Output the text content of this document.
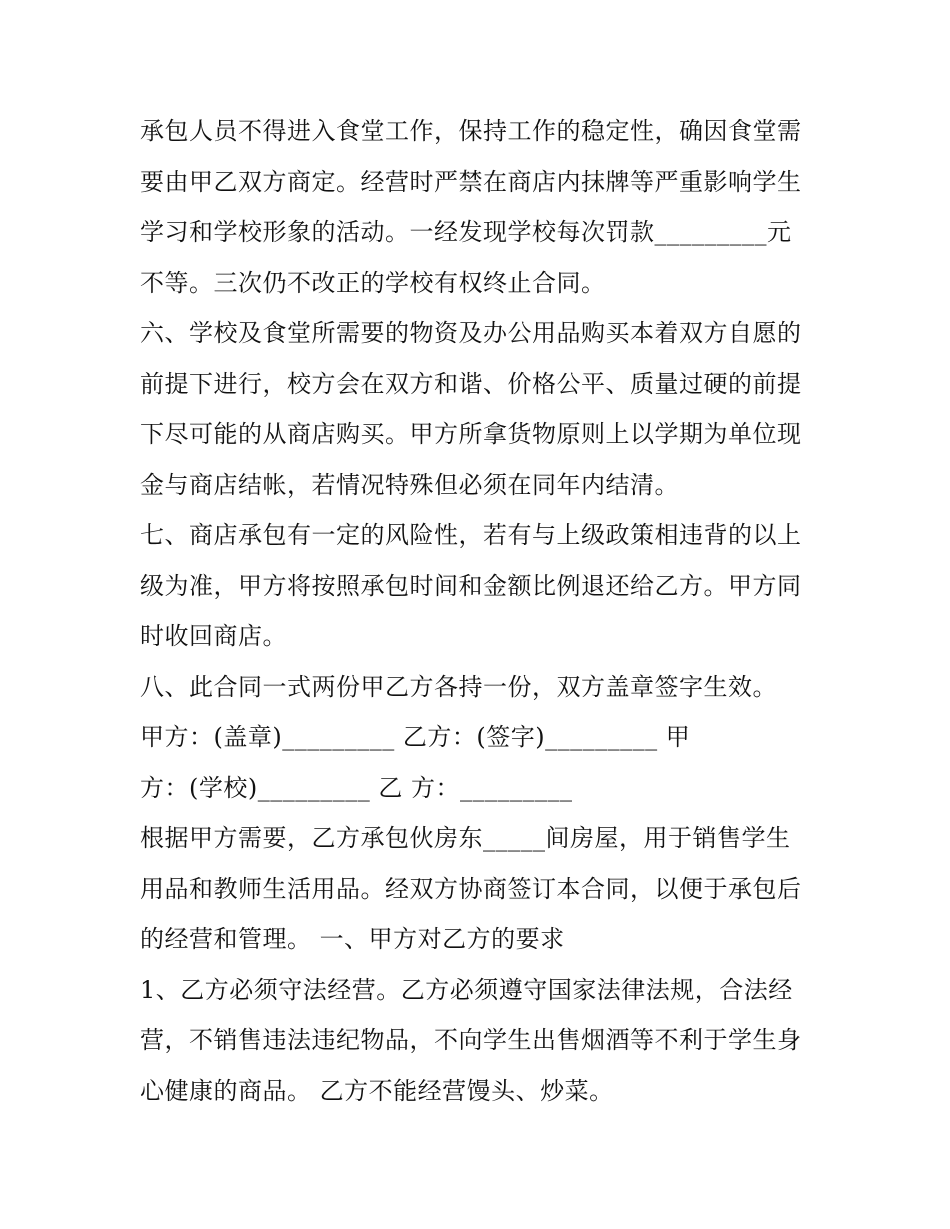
承包人员不得进入食堂工作，保持工作的稳定性，确因食堂需
要由甲乙双方商定。经营时严禁在商店内抹牌等严重影响学生
学习和学校形象的活动。一经发现学校每次罚款_________元
不等。三次仍不改正的学校有权终止合同。
六、学校及食堂所需要的物资及办公用品购买本着双方自愿的
前提下进行，校方会在双方和谐、价格公平、质量过硬的前提
下尽可能的从商店购买。甲方所拿货物原则上以学期为单位现
金与商店结帐，若情况特殊但必须在同年内结清。
七、商店承包有一定的风险性，若有与上级政策相违背的以上
级为准，甲方将按照承包时间和金额比例退还给乙方。甲方同
时收回商店。
八、此合同一式两份甲乙方各持一份，双方盖章签字生效。
甲方：(盖章)_________ 乙方：(签字)_________ 甲
方：(学校)_________ 乙 方：_________
根据甲方需要，乙方承包伙房东_____间房屋，用于销售学生
用品和教师生活用品。经双方协商签订本合同，以便于承包后
的经营和管理。 一、甲方对乙方的要求
1、乙方必须守法经营。乙方必须遵守国家法律法规，合法经
营，不销售违法违纪物品，不向学生出售烟酒等不利于学生身
心健康的商品。 乙方不能经营馒头、炒菜。
